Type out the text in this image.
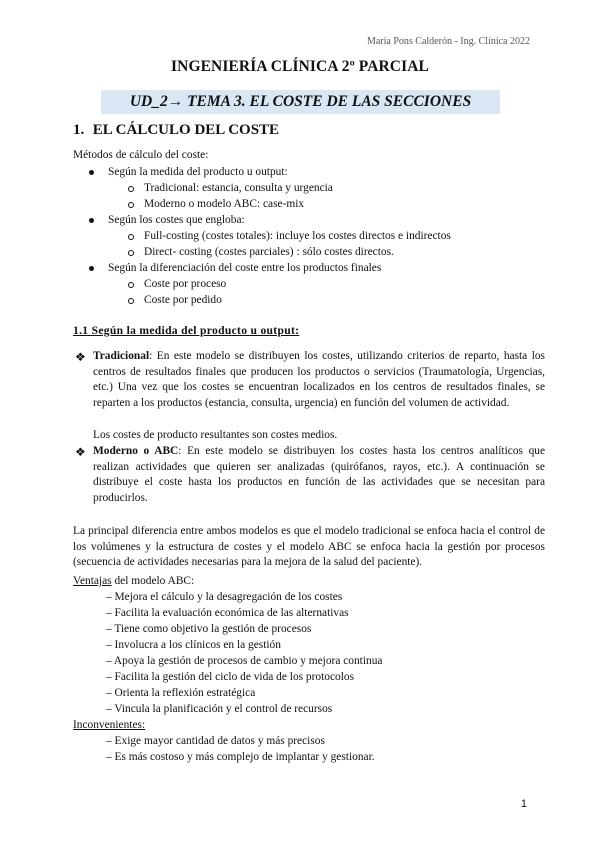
María Pons Calderón - Ing. Clínica 2022
INGENIERÍA CLÍNICA 2º PARCIAL
UD_2→ TEMA 3. EL COSTE DE LAS SECCIONES
1. EL CÁLCULO DEL COSTE
Métodos de cálculo del coste:
Según la medida del producto u output:
Tradicional: estancia, consulta y urgencia
Moderno o modelo ABC: case-mix
Según los costes que engloba:
Full-costing (costes totales): incluye los costes directos e indirectos
Direct- costing (costes parciales) : sólo costes directos.
Según la diferenciación del coste entre los productos finales
Coste por proceso
Coste por pedido
1.1 Según la medida del producto u output:
❖ Tradicional: En este modelo se distribuyen los costes, utilizando criterios de reparto, hasta los centros de resultados finales que producen los productos o servicios (Traumatología, Urgencias, etc.) Una vez que los costes se encuentran localizados en los centros de resultados finales, se reparten a los productos (estancia, consulta, urgencia) en función del volumen de actividad.
Los costes de producto resultantes son costes medios.
❖ Moderno o ABC: En este modelo se distribuyen los costes hasta los centros analíticos que realizan actividades que quieren ser analizadas (quirófanos, rayos, etc.). A continuación se distribuye el coste hasta los productos en función de las actividades que se necesitan para producirlos.
La principal diferencia entre ambos modelos es que el modelo tradicional se enfoca hacia el control de los volúmenes y la estructura de costes y el modelo ABC se enfoca hacia la gestión por procesos (secuencia de actividades necesarias para la mejora de la salud del paciente).
Ventajas del modelo ABC:
– Mejora el cálculo y la desagregación de los costes
– Facilita la evaluación económica de las alternativas
– Tiene como objetivo la gestión de procesos
– Involucra a los clínicos en la gestión
– Apoya la gestión de procesos de cambio y mejora continua
– Facilita la gestión del ciclo de vida de los protocolos
– Orienta la reflexión estratégica
– Vincula la planificación y el control de recursos
Inconvenientes:
– Exige mayor cantidad de datos y más precisos
– Es más costoso y más complejo de implantar y gestionar.
1
